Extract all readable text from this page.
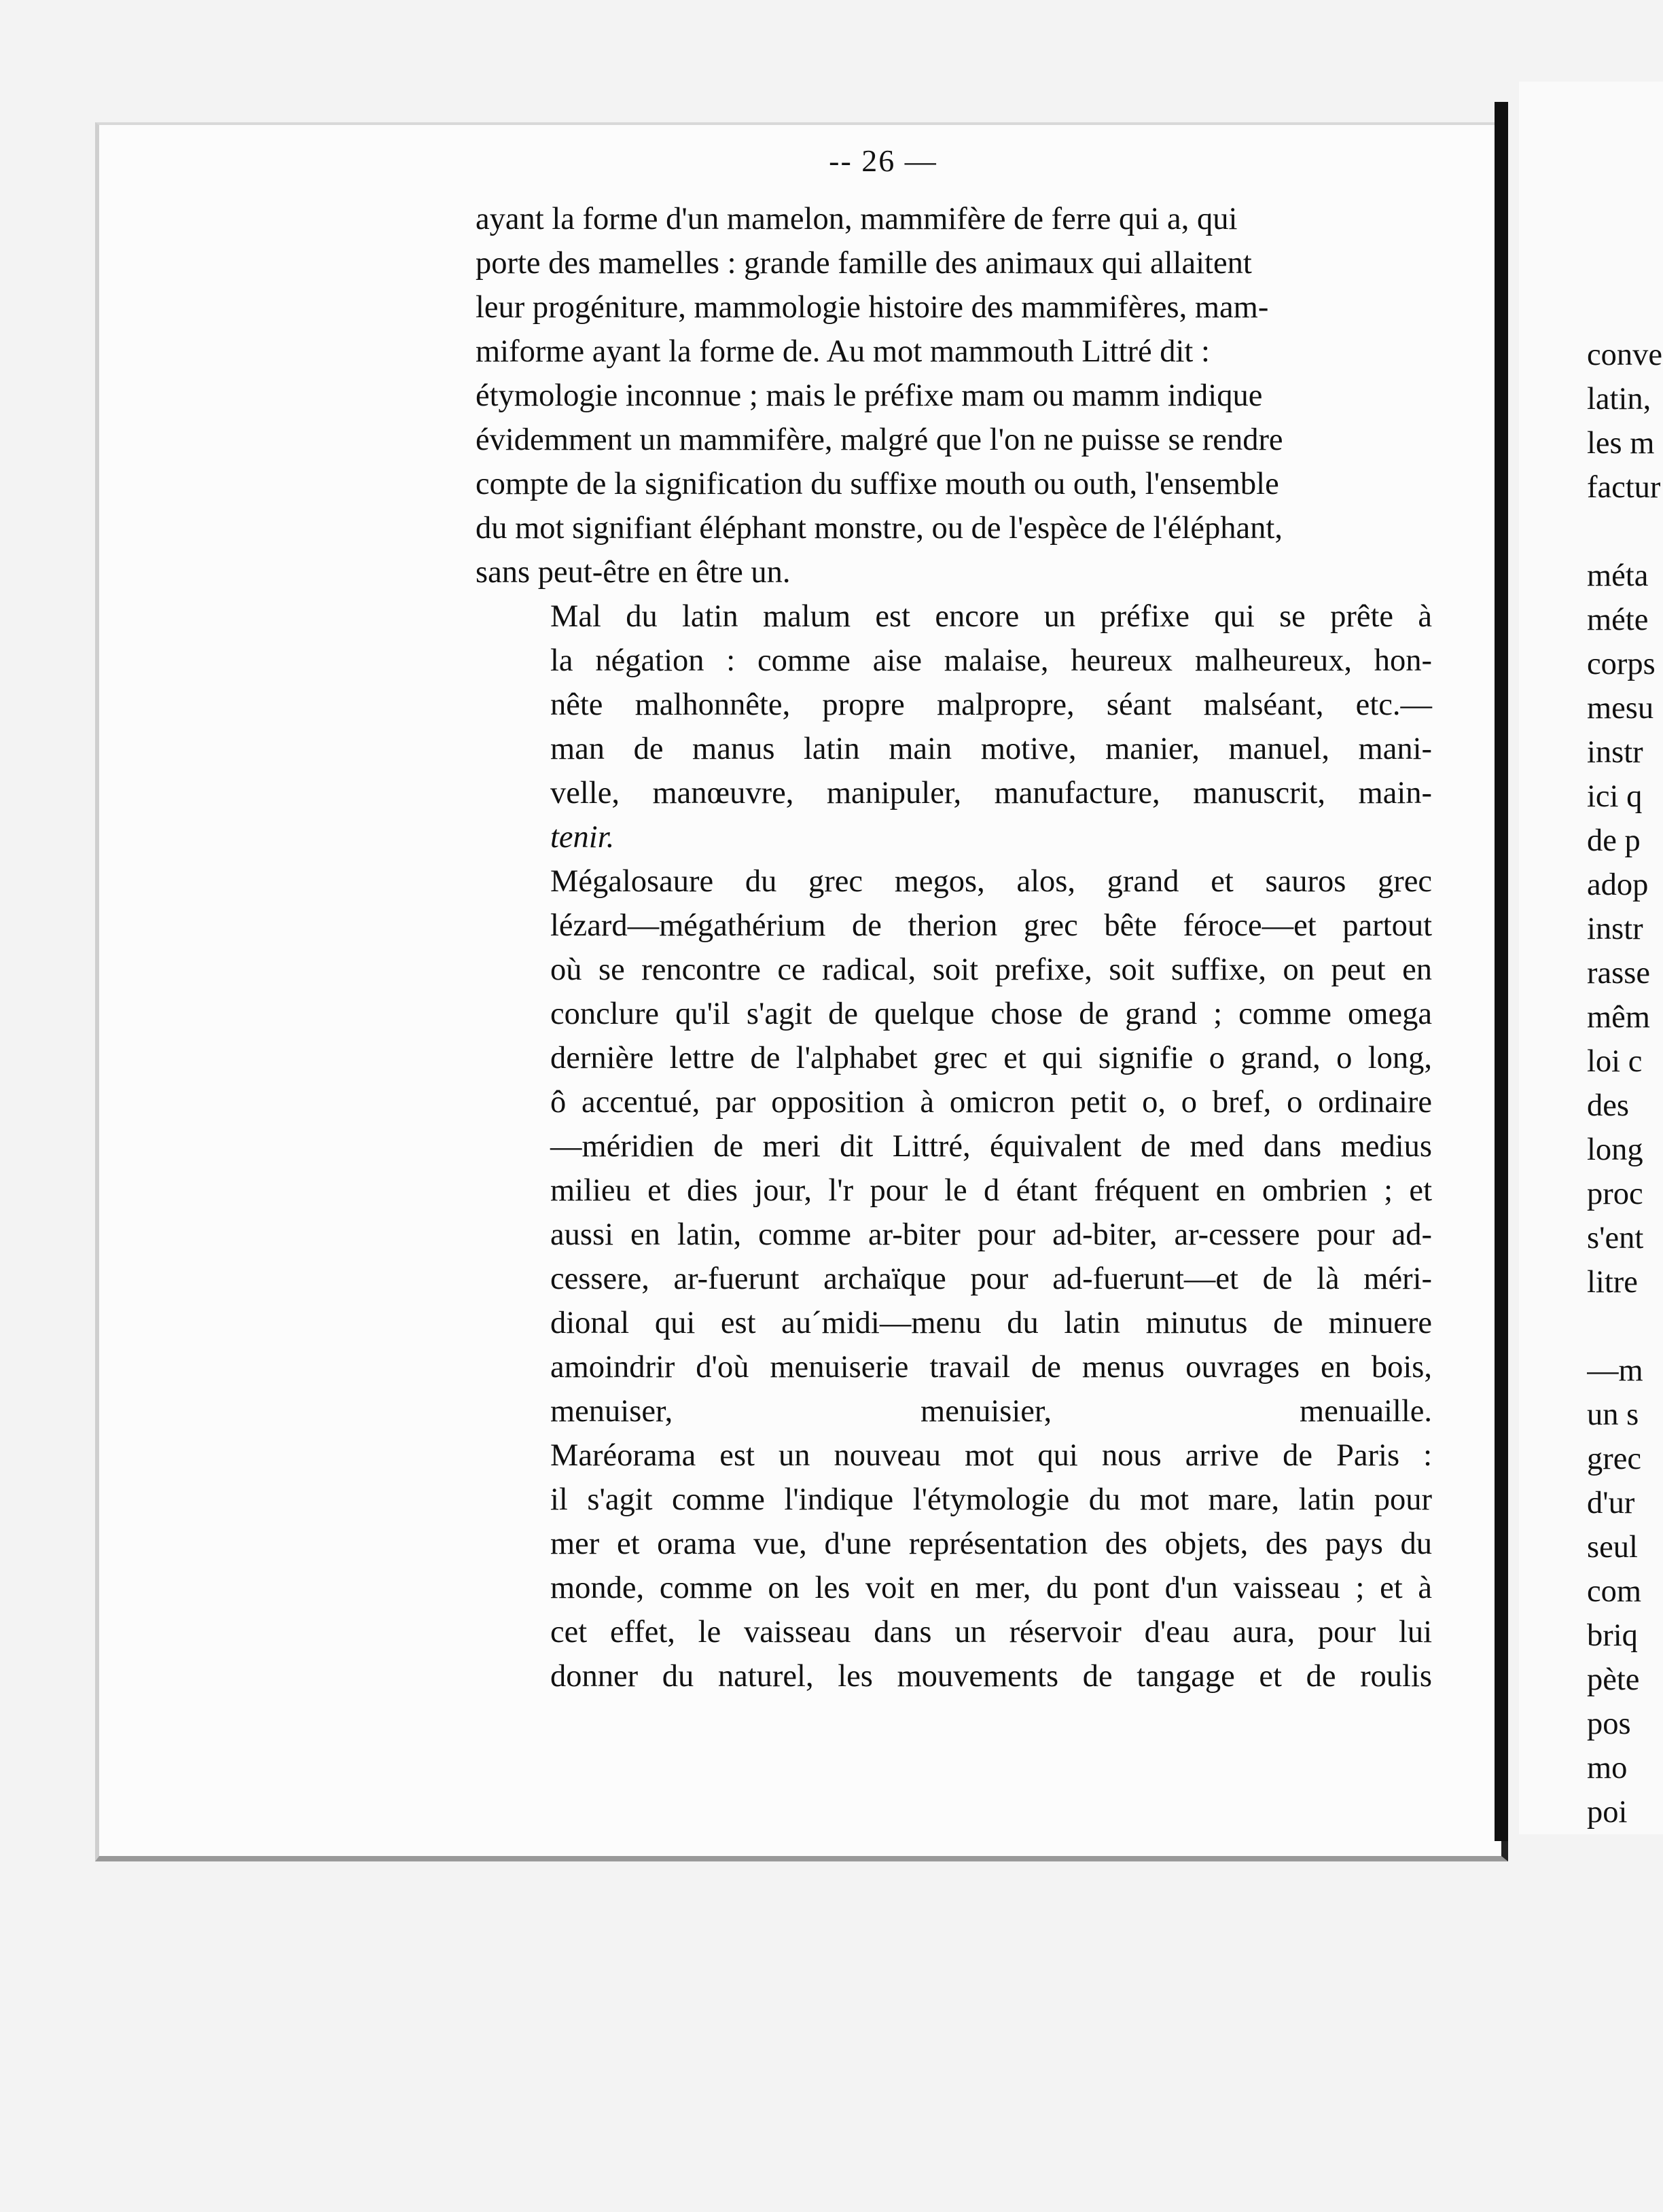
-- 26 —

ayant la forme d'un mamelon, mammifère de ferre qui a, qui
porte des mamelles : grande famille des animaux qui allaitent
leur progéniture, mammologie histoire des mammifères, mam-
miforme ayant la forme de. Au mot mammouth Littré dit :
étymologie inconnue ; mais le préfixe mam ou mamm indique
évidemment un mammifère, malgré que l'on ne puisse se rendre
compte de la signification du suffixe mouth ou outh, l'ensemble
du mot signifiant éléphant monstre, ou de l'espèce de l'éléphant,
sans peut-être en être un.

Mal du latin malum est encore un préfixe qui se prête à
la négation : comme aise malaise, heureux malheureux, hon-
nête malhonnête, propre malpropre, séant malséant, etc.—
man de manus latin main motive, manier, manuel, mani-
velle, manœuvre, manipuler, manufacture, manuscrit, main-
tenir.

Mégalosaure du grec megos, alos, grand et sauros grec
lézard—mégathérium de therion grec bête féroce—et partout
où se rencontre ce radical, soit prefixe, soit suffixe, on peut en
conclure qu'il s'agit de quelque chose de grand ; comme omega
dernière lettre de l'alphabet grec et qui signifie o grand, o long,
ô accentué, par opposition à omicron petit o, o bref, o ordinaire
—méridien de meri dit Littré, équivalent de med dans medius
milieu et dies jour, l'r pour le d étant fréquent en ombrien ; et
aussi en latin, comme ar-biter pour ad-biter, ar-cessere pour ad-
cessere, ar-fuerunt archaïque pour ad-fuerunt—et de là méri-
dional qui est au´midi—menu du latin minutus de minuere
amoindrir d'où menuiserie travail de menus ouvrages en bois,
menuiser, menuisier, menuaille.

Maréorama est un nouveau mot qui nous arrive de Paris :
il s'agit comme l'indique l'étymologie du mot mare, latin pour
mer et orama vue, d'une représentation des objets, des pays du
monde, comme on les voit en mer, du pont d'un vaisseau ; et à
cet effet, le vaisseau dans un réservoir d'eau aura, pour lui
donner du naturel, les mouvements de tangage et de roulis

conve
latin,
les m
factur
méta
méte
corps
mesu
instr
ici q
de p
adop
instr
rasse
mêm
loi c
des
long
proc
s'ent
litre
—m
un s
grec
d'ur
seul
com
briq
pète
pos
mo
poi
